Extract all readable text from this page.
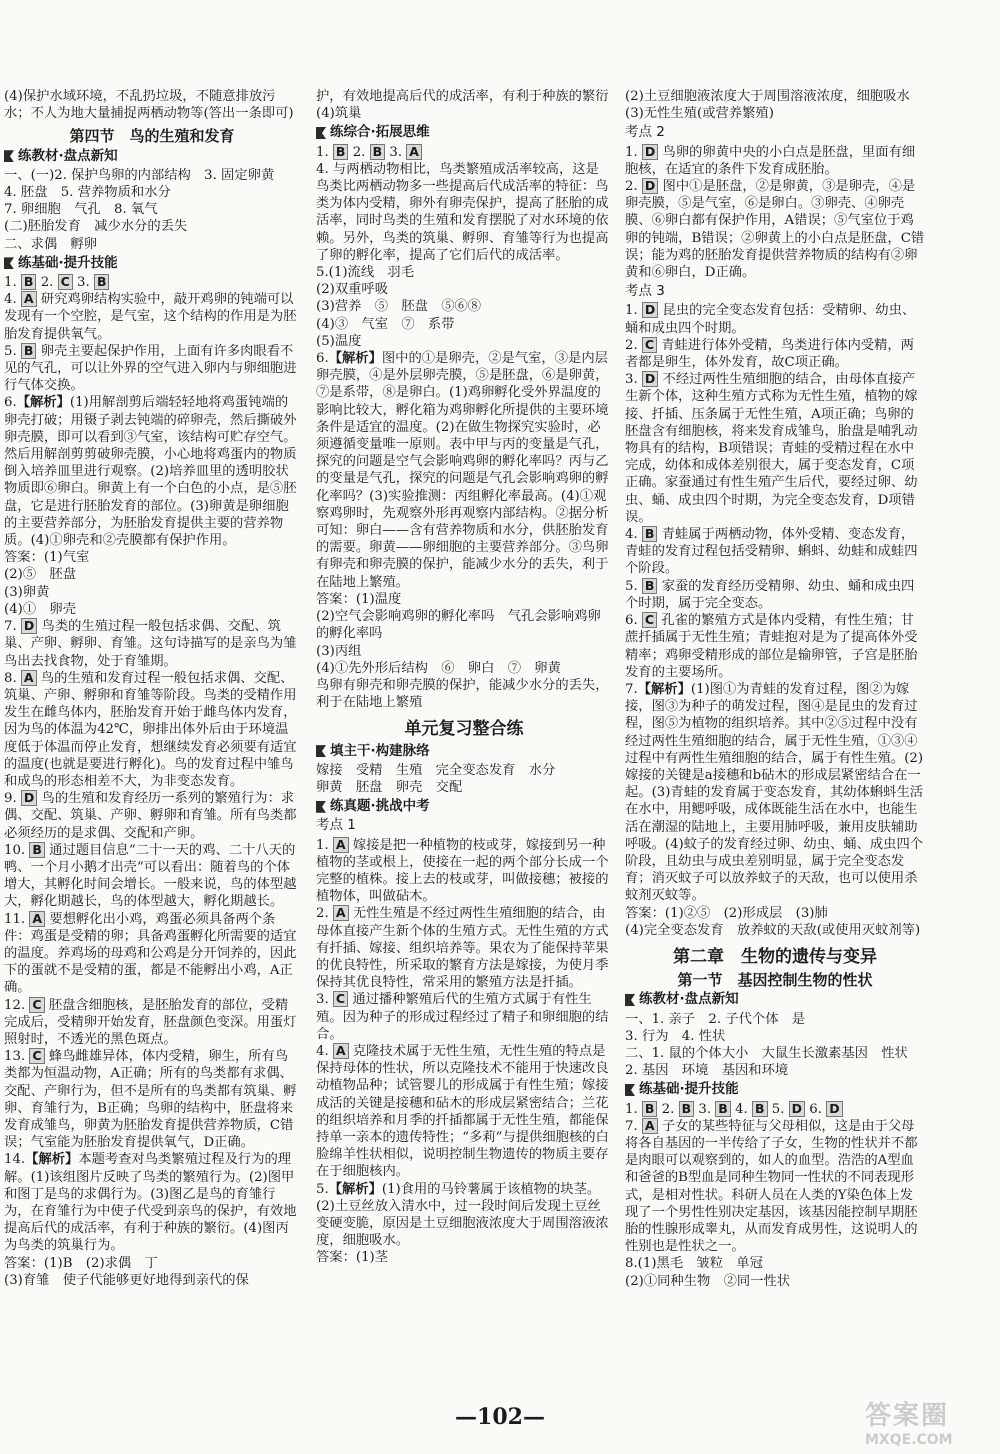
(4)保护水域环境，不乱扔垃圾，不随意排放污水；不人为地大量捕捉两栖动物等(答出一条即可)

第四节　鸟的生殖和发育
练教材·盘点新知

一、(一)2. 保护鸟卵的内部结构　3. 固定卵黄

4. 胚盘　5. 营养物质和水分

7. 卵细胞　气孔　8. 氧气

(二)胚胎发育　减少水分的丢失

二、求偶　孵卵

练基础·提升技能

1. B 2. C 3. B

4. A 研究鸡卵结构实验中，敲开鸡卵的钝端可以发现有一个空腔，是气室，这个结构的作用是为胚胎发育提供氧气。

5. B 卵壳主要起保护作用，上面有许多肉眼看不见的气孔，可以让外界的空气进入卵内与卵细胞进行气体交换。

6.【解析】(1)用解剖剪后端轻轻地将鸡蛋钝端的卵壳打破；用镊子剥去钝端的碎卵壳，然后撕破外卵壳膜，即可以看到③气室，该结构可贮存空气。然后用解剖剪剪破卵壳膜，小心地将鸡蛋内的物质倒入培养皿里进行观察。(2)培养皿里的透明胶状物质即⑥卵白。卵黄上有一个白色的小点，是⑤胚盘，它是进行胚胎发育的部位。(3)卵黄是卵细胞的主要营养部分，为胚胎发育提供主要的营养物质。(4)①卵壳和②壳膜都有保护作用。

答案：(1)气室

(2)⑤　胚盘

(3)卵黄

(4)①　卵壳

7. D 鸟类的生殖过程一般包括求偶、交配、筑巢、产卵、孵卵、育雏。这句诗描写的是亲鸟为雏鸟出去找食物，处于育雏期。

8. A 鸟的生殖和发育过程一般包括求偶、交配、筑巢、产卵、孵卵和育雏等阶段。鸟类的受精作用发生在雌鸟体内，胚胎发育开始于雌鸟体内发育，因为鸟的体温为42℃，卵排出体外后由于环境温度低于体温而停止发育，想继续发育必须要有适宜的温度(也就是要进行孵化)。鸟的发育过程中雏鸟和成鸟的形态相差不大，为非变态发育。

9. D 鸟的生殖和发育经历一系列的繁殖行为：求偶、交配、筑巢、产卵、孵卵和育雏。所有鸟类都必须经历的是求偶、交配和产卵。

10. B 通过题目信息“二十一天的鸡、二十八天的鸭、一个月小鹅才出壳”可以看出：随着鸟的个体增大，其孵化时间会增长。一般来说，鸟的体型越大，孵化期越长，鸟的体型越大，孵化期越长。

11. A 要想孵化出小鸡，鸡蛋必须具备两个条件：鸡蛋是受精的卵；具备鸡蛋孵化所需要的适宜的温度。养鸡场的母鸡和公鸡是分开饲养的，因此下的蛋就不是受精的蛋，都是不能孵出小鸡，A正确。

12. C 胚盘含细胞核，是胚胎发育的部位，受精完成后，受精卵开始发育，胚盘颜色变深。用蛋灯照射时，不透光的黑色斑点。

13. C 蜂鸟雌雄异体，体内受精，卵生，所有鸟类都为恒温动物，A正确；所有的鸟类都有求偶、交配、产卵行为，但不是所有的鸟类都有筑巢、孵卵、育雏行为，B正确；鸟卵的结构中，胚盘将来发育成雏鸟，卵黄为胚胎发育提供营养物质，C错误；气室能为胚胎发育提供氧气，D正确。

14.【解析】本题考查对鸟类繁殖过程及行为的理解。(1)该组图片反映了鸟类的繁殖行为。(2)图甲和图丁是鸟的求偶行为。(3)图乙是鸟的育雏行为，在育雏行为中使子代受到亲鸟的保护，有效地提高后代的成活率，有利于种族的繁衍。(4)图丙为鸟类的筑巢行为。

答案：(1)B　(2)求偶　丁

(3)育雏　使子代能够更好地得到亲代的保

护，有效地提高后代的成活率，有利于种族的繁衍　(4)筑巢

练综合·拓展思维

1. B 2. B 3. A

4. 与两栖动物相比，鸟类繁殖成活率较高，这是鸟类比两栖动物多一些提高后代成活率的特征：鸟类为体内受精，卵外有卵壳保护，提高了胚胎的成活率，同时鸟类的生殖和发育摆脱了对水环境的依赖。另外，鸟类的筑巢、孵卵、育雏等行为也提高了卵的孵化率，提高了它们后代的成活率。

5.(1)流线　羽毛

(2)双重呼吸

(3)营养　⑤　胚盘　⑤⑥⑧

(4)③　气室　⑦　系带

(5)温度

6.【解析】图中的①是卵壳，②是气室，③是内层卵壳膜，④是外层卵壳膜，⑤是胚盘，⑥是卵黄，⑦是系带，⑧是卵白。(1)鸡卵孵化受外界温度的影响比较大，孵化箱为鸡卵孵化所提供的主要环境条件是适宜的温度。(2)在做生物探究实验时，必须遵循变量唯一原则。表中甲与丙的变量是气孔，探究的问题是空气会影响鸡卵的孵化率吗？丙与乙的变量是气孔，探究的问题是气孔会影响鸡卵的孵化率吗？(3)实验推测：丙组孵化率最高。(4)①观察鸡卵时，先观察外形再观察内部结构。②据分析可知：卵白——含有营养物质和水分，供胚胎发育的需要。卵黄——卵细胞的主要营养部分。③鸟卵有卵壳和卵壳膜的保护，能减少水分的丢失，利于在陆地上繁殖。

答案：(1)温度

(2)空气会影响鸡卵的孵化率吗　气孔会影响鸡卵的孵化率吗

(3)丙组

(4)①先外形后结构　⑥　卵白　⑦　卵黄

鸟卵有卵壳和卵壳膜的保护，能减少水分的丢失，利于在陆地上繁殖

单元复习整合练
填主干·构建脉络

嫁接　受精　生殖　完全变态发育　水分

卵黄　胚盘　卵壳　交配

练真题·挑战中考
考点 1

1. A 嫁接是把一种植物的枝或芽，嫁接到另一种植物的茎或根上，使接在一起的两个部分长成一个完整的植株。接上去的枝或芽，叫做接穗；被接的植物体，叫做砧木。

2. A 无性生殖是不经过两性生殖细胞的结合，由母体直接产生新个体的生殖方式。无性生殖的方式有扦插、嫁接、组织培养等。果农为了能保持苹果的优良特性，所采取的繁育方法是嫁接，为使月季保持其优良特性，常采用的繁殖方法是扦插。

3. C 通过播种繁殖后代的生殖方式属于有性生殖。因为种子的形成过程经过了精子和卵细胞的结合。

4. A 克隆技术属于无性生殖，无性生殖的特点是保持母体的性状，所以克隆技术不能用于快速改良动植物品种；试管婴儿的形成属于有性生殖；嫁接成活的关键是接穗和砧木的形成层紧密结合；兰花的组织培养和月季的扦插都属于无性生殖，都能保持单一亲本的遗传特性；“多莉”与提供细胞核的白脸绵羊性状相似，说明控制生物遗传的物质主要存在于细胞核内。

5.【解析】(1)食用的马铃薯属于该植物的块茎。(2)土豆丝放入清水中，过一段时间后发现土豆丝变硬变脆，原因是土豆细胞液浓度大于周围溶液浓度，细胞吸水。

答案：(1)茎

(2)土豆细胞液浓度大于周围溶液浓度，细胞吸水

(3)无性生殖(或营养繁殖)

考点 2

1. D 鸟卵的卵黄中央的小白点是胚盘，里面有细胞核，在适宜的条件下发育成胚胎。

2. D 图中①是胚盘，②是卵黄，③是卵壳，④是卵壳膜，⑤是气室，⑥是卵白。③卵壳、④卵壳膜、⑥卵白都有保护作用，A错误；⑤气室位于鸡卵的钝端，B错误；②卵黄上的小白点是胚盘，C错误；能为鸡的胚胎发育提供营养物质的结构有②卵黄和⑥卵白，D正确。

考点 3

1. D 昆虫的完全变态发育包括：受精卵、幼虫、蛹和成虫四个时期。

2. C 青蛙进行体外受精，鸟类进行体内受精，两者都是卵生，体外发育，故C项正确。

3. D 不经过两性生殖细胞的结合，由母体直接产生新个体，这种生殖方式称为无性生殖，植物的嫁接、扦插、压条属于无性生殖，A项正确；鸟卵的胚盘含有细胞核，将来发育成雏鸟，胎盘是哺乳动物具有的结构，B项错误；青蛙的受精过程在水中完成，幼体和成体差别很大，属于变态发育，C项正确。家蚕通过有性生殖产生后代，要经过卵、幼虫、蛹、成虫四个时期，为完全变态发育，D项错误。

4. B 青蛙属于两栖动物，体外受精、变态发育，青蛙的发育过程包括受精卵、蝌蚪、幼蛙和成蛙四个阶段。

5. B 家蚕的发育经历受精卵、幼虫、蛹和成虫四个时期，属于完全变态。

6. C 孔雀的繁殖方式是体内受精，有性生殖；甘蔗扦插属于无性生殖；青蛙抱对是为了提高体外受精率；鸡卵受精形成的部位是输卵管，子宫是胚胎发育的主要场所。

7.【解析】(1)图①为青蛙的发育过程，图②为嫁接，图③为种子的萌发过程，图④是昆虫的发育过程，图⑤为植物的组织培养。其中②⑤过程中没有经过两性生殖细胞的结合，属于无性生殖，①③④过程中有两性生殖细胞的结合，属于有性生殖。(2)嫁接的关键是a接穗和b砧木的形成层紧密结合在一起。(3)青蛙的发育属于变态发育，其幼体蝌蚪生活在水中，用鳃呼吸，成体既能生活在水中，也能生活在潮湿的陆地上，主要用肺呼吸，兼用皮肤辅助呼吸。(4)蚊子的发育经过卵、幼虫、蛹、成虫四个阶段，且幼虫与成虫差别明显，属于完全变态发育；消灭蚊子可以放养蚊子的天敌，也可以使用杀蚊剂灭蚊等。

答案：(1)②⑤　(2)形成层　(3)肺

(4)完全变态发育　放养蚊的天敌(或使用灭蚊剂等)

第二章　生物的遗传与变异
第一节　基因控制生物的性状
练教材·盘点新知

一、1. 亲子　2. 子代个体　是

3. 行为　4. 性状

二、1. 鼠的个体大小　大鼠生长激素基因　性状

2. 基因　环境　基因和环境

练基础·提升技能

1. B 2. B 3. B 4. B 5. D 6. D

7. A 子女的某些特征与父母相似，这是由于父母将各自基因的一半传给了子女，生物的性状并不都是肉眼可以观察到的，如人的血型。浩浩的A型血和爸爸的B型血是同种生物同一性状的不同表现形式，是相对性状。科研人员在人类的Y染色体上发现了一个男性性别决定基因，该基因能控制早期胚胎的性腺形成睾丸，从而发育成男性，这说明人的性别也是性状之一。

8.(1)黑毛　皱粒　单冠

(2)①同种生物　②同一性状

—102—	答案圈
MXQE.COM
